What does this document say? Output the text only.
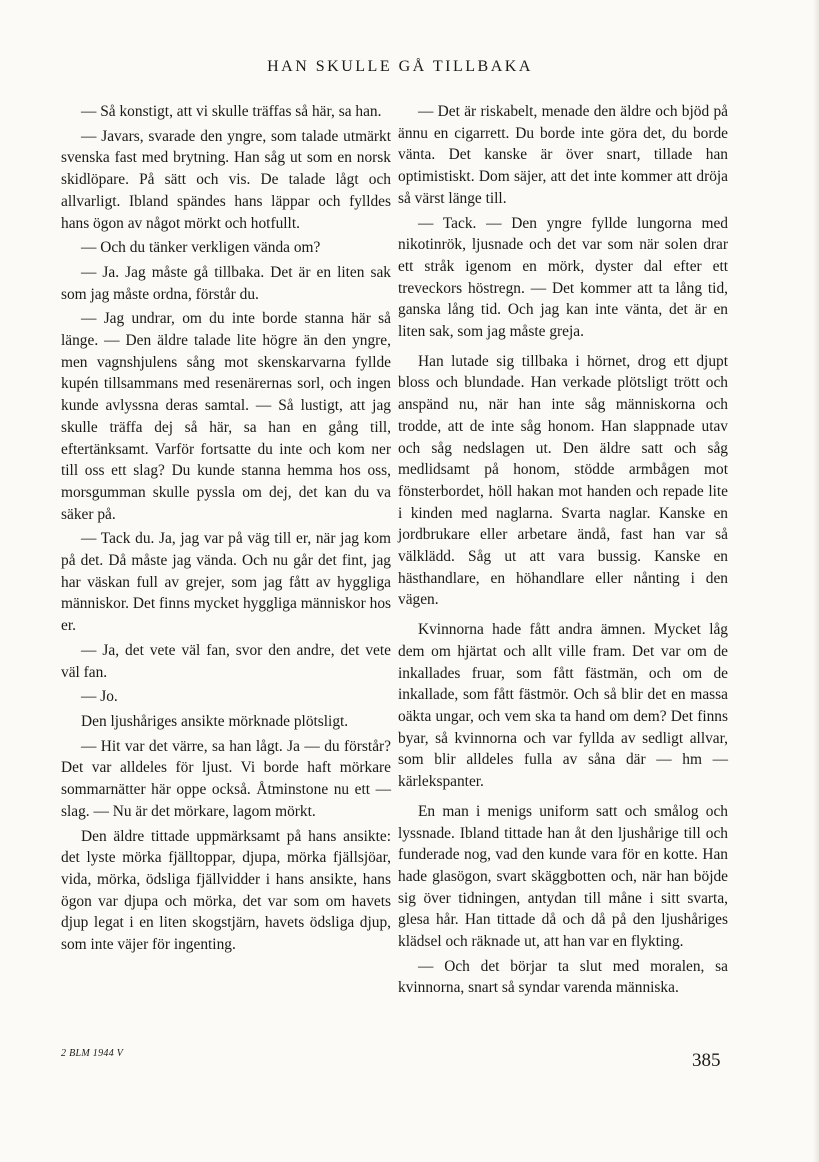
HAN SKULLE GÅ TILLBAKA

— Så konstigt, att vi skulle träffas så här, sa han.

— Javars, svarade den yngre, som talade utmärkt svenska fast med brytning. Han såg ut som en norsk skidlöpare. På sätt och vis. De talade lågt och allvarligt. Ibland spändes hans läppar och fylldes hans ögon av något mörkt och hotfullt.

— Och du tänker verkligen vända om?

— Ja. Jag måste gå tillbaka. Det är en liten sak som jag måste ordna, förstår du.

— Jag undrar, om du inte borde stanna här så länge. — Den äldre talade lite högre än den yngre, men vagnshjulens sång mot skenskarvarna fyllde kupén tillsammans med resenärernas sorl, och ingen kunde avlyssna deras samtal. — Så lustigt, att jag skulle träffa dej så här, sa han en gång till, eftertänksamt. Varför fortsatte du inte och kom ner till oss ett slag? Du kunde stanna hemma hos oss, morsgumman skulle pyssla om dej, det kan du va säker på.

— Tack du. Ja, jag var på väg till er, när jag kom på det. Då måste jag vända. Och nu går det fint, jag har väskan full av grejer, som jag fått av hyggliga människor. Det finns mycket hyggliga människor hos er.

— Ja, det vete väl fan, svor den andre, det vete väl fan.

— Jo.

Den ljushåriges ansikte mörknade plötsligt.

— Hit var det värre, sa han lågt. Ja — du förstår? Det var alldeles för ljust. Vi borde haft mörkare sommarnätter här oppe också. Åtminstone nu ett — slag. — Nu är det mörkare, lagom mörkt.

Den äldre tittade uppmärksamt på hans ansikte: det lyste mörka fjälltoppar, djupa, mörka fjällsjöar, vida, mörka, ödsliga fjällvidder i hans ansikte, hans ögon var djupa och mörka, det var som om havets djup legat i en liten skogstjärn, havets ödsliga djup, som inte väjer för ingenting.

— Det är riskabelt, menade den äldre och bjöd på ännu en cigarrett. Du borde inte göra det, du borde vänta. Det kanske är över snart, tillade han optimistiskt. Dom säjer, att det inte kommer att dröja så värst länge till.

— Tack. — Den yngre fyllde lungorna med nikotinrök, ljusnade och det var som när solen drar ett stråk igenom en mörk, dyster dal efter ett treveckors höstregn. — Det kommer att ta lång tid, ganska lång tid. Och jag kan inte vänta, det är en liten sak, som jag måste greja.

Han lutade sig tillbaka i hörnet, drog ett djupt bloss och blundade. Han verkade plötsligt trött och anspänd nu, när han inte såg människorna och trodde, att de inte såg honom. Han slappnade utav och såg nedslagen ut. Den äldre satt och såg medlidsamt på honom, stödde armbågen mot fönsterbordet, höll hakan mot handen och repade lite i kinden med naglarna. Svarta naglar. Kanske en jordbrukare eller arbetare ändå, fast han var så välklädd. Såg ut att vara bussig. Kanske en hästhandlare, en höhandlare eller nånting i den vägen.

Kvinnorna hade fått andra ämnen. Mycket låg dem om hjärtat och allt ville fram. Det var om de inkallades fruar, som fått fästmän, och om de inkallade, som fått fästmör. Och så blir det en massa oäkta ungar, och vem ska ta hand om dem? Det finns byar, så kvinnorna och var fyllda av sedligt allvar, som blir alldeles fulla av såna där — hm — kärlekspanter.

En man i menigs uniform satt och smålog och lyssnade. Ibland tittade han åt den ljushårige till och funderade nog, vad den kunde vara för en kotte. Han hade glasögon, svart skäggbotten och, när han böjde sig över tidningen, antydan till måne i sitt svarta, glesa hår. Han tittade då och då på den ljushåriges klädsel och räknade ut, att han var en flykting.

— Och det börjar ta slut med moralen, sa kvinnorna, snart så syndar varenda människa.

2 BLM 1944 V	385
